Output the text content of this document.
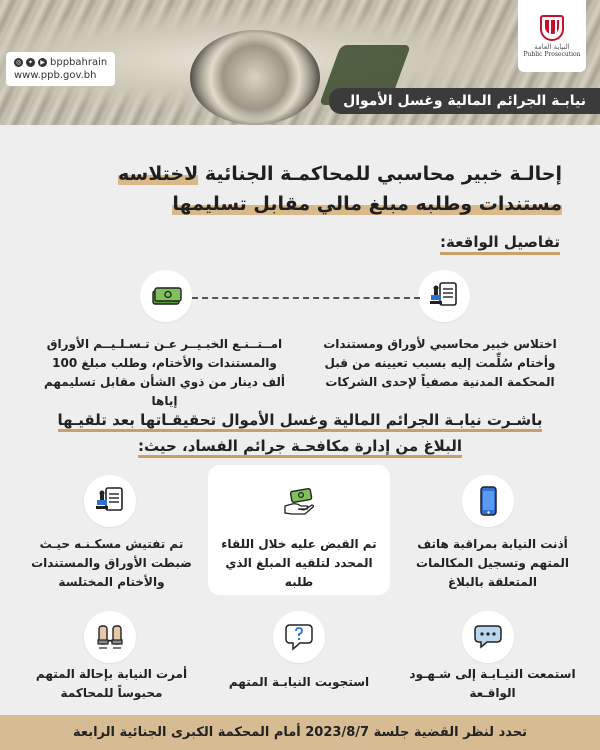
◎	✦	▶ bppbahrain
www.ppb.gov.bh
النيابة العامة
Public Prosecution
نيابـة الجرائم المالية وغسل الأموال
إحالـة خبير محاسبي للمحاكمـة الجنائية لاختلاسه
مستندات وطلبه مبلغ مالي مقابل تسليمها
تفاصيل الواقعة:
اختلاس خبير محاسبي لأوراق ومستندات وأختام سُلِّمت إليه بسبب تعيينه من قبل المحكمة المدنية مصفياً لإحدى الشركات
امــتــنـع الخبـيــر عـن تـسـلـيــم الأوراق والمستندات والأختام، وطلب مبلغ 100 ألف دينار من ذوي الشأن مقابل تسليمهم إياها
باشـرت نيابـة الجرائم المالية وغسل الأموال تحقيقـاتها بعد تلقيـها
البلاغ من إدارة مكافحـة جرائم الفساد، حيث:
أذنت النيابة بمراقبة هاتف المتهم وتسجيل المكالمات المتعلقة بالبلاغ
تم القبض عليه خلال اللقاء المحدد لتلقيه المبلغ الذي طلبه
تم تفتيش مسكـنـه حيـث ضبطت الأوراق والمستندات والأختام المختلسة
استمعت النيـابـة إلى شـهـود الواقـعة
استجوبت النيابـة المتهم
أمرت النيابة بإحالة المتهم محبوساً للمحاكمة
تحدد لنظر القضية جلسة 2023/8/7 أمام المحكمة الكبرى الجنائية الرابعة
